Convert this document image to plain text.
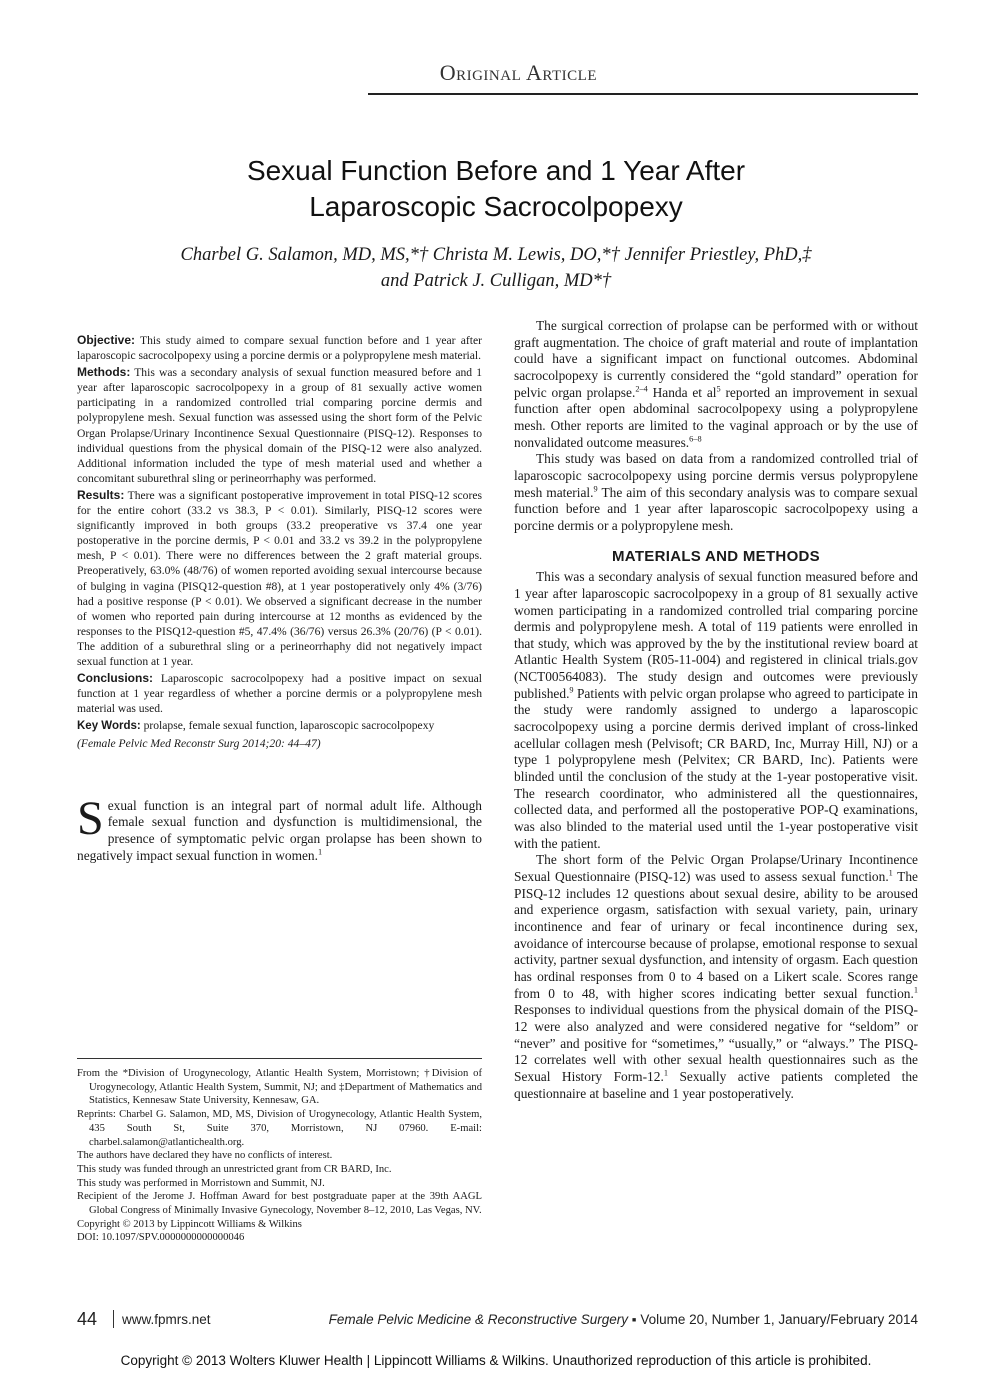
Original Article
Sexual Function Before and 1 Year After
Laparoscopic Sacrocolpopexy
Charbel G. Salamon, MD, MS,*† Christa M. Lewis, DO,*† Jennifer Priestley, PhD,‡
and Patrick J. Culligan, MD*†

Objective: This study aimed to compare sexual function before and 1 year after laparoscopic sacrocolpopexy using a porcine dermis or a polypropylene mesh material.

Methods: This was a secondary analysis of sexual function measured before and 1 year after laparoscopic sacrocolpopexy in a group of 81 sexually active women participating in a randomized controlled trial comparing porcine dermis and polypropylene mesh. Sexual function was assessed using the short form of the Pelvic Organ Prolapse/Urinary Incontinence Sexual Questionnaire (PISQ-12). Responses to individual questions from the physical domain of the PISQ-12 were also analyzed. Additional information included the type of mesh material used and whether a concomitant suburethral sling or perineorrhaphy was performed.

Results: There was a significant postoperative improvement in total PISQ-12 scores for the entire cohort (33.2 vs 38.3, P < 0.01). Similarly, PISQ-12 scores were significantly improved in both groups (33.2 preoperative vs 37.4 one year postoperative in the porcine dermis, P < 0.01 and 33.2 vs 39.2 in the polypropylene mesh, P < 0.01). There were no differences between the 2 graft material groups. Preoperatively, 63.0% (48/76) of women reported avoiding sexual intercourse because of bulging in vagina (PISQ12-question #8), at 1 year postoperatively only 4% (3/76) had a positive response (P < 0.01). We observed a significant decrease in the number of women who reported pain during intercourse at 12 months as evidenced by the responses to the PISQ12-question #5, 47.4% (36/76) versus 26.3% (20/76) (P < 0.01). The addition of a suburethral sling or a perineorrhaphy did not negatively impact sexual function at 1 year.

Conclusions: Laparoscopic sacrocolpopexy had a positive impact on sexual function at 1 year regardless of whether a porcine dermis or a polypropylene mesh material was used.

Key Words: prolapse, female sexual function, laparoscopic sacrocolpopexy

(Female Pelvic Med Reconstr Surg 2014;20: 44–47)

Sexual function is an integral part of normal adult life. Although female sexual function and dysfunction is multidimensional, the presence of symptomatic pelvic organ prolapse has been shown to negatively impact sexual function in women.$^1$

From the *Division of Urogynecology, Atlantic Health System, Morristown; †Division of Urogynecology, Atlantic Health System, Summit, NJ; and ‡Department of Mathematics and Statistics, Kennesaw State University, Kennesaw, GA.

Reprints: Charbel G. Salamon, MD, MS, Division of Urogynecology, Atlantic Health System, 435 South St, Suite 370, Morristown, NJ 07960. E-mail: charbel.salamon@atlantichealth.org.

The authors have declared they have no conflicts of interest.

This study was funded through an unrestricted grant from CR BARD, Inc.

This study was performed in Morristown and Summit, NJ.

Recipient of the Jerome J. Hoffman Award for best postgraduate paper at the 39th AAGL Global Congress of Minimally Invasive Gynecology, November 8–12, 2010, Las Vegas, NV.

Copyright © 2013 by Lippincott Williams & Wilkins

DOI: 10.1097/SPV.0000000000000046

The surgical correction of prolapse can be performed with or without graft augmentation. The choice of graft material and route of implantation could have a significant impact on functional outcomes. Abdominal sacrocolpopexy is currently considered the “gold standard” operation for pelvic organ prolapse.$^{2-4}$ Handa et $al^5$ reported an improvement in sexual function after open abdominal sacrocolpopexy using a polypropylene mesh. Other reports are limited to the vaginal approach or by the use of nonvalidated outcome measures.$^{6-8}$

This study was based on data from a randomized controlled trial of laparoscopic sacrocolpopexy using porcine dermis versus polypropylene mesh material.$^9$ The aim of this secondary analysis was to compare sexual function before and 1 year after laparoscopic sacrocolpopexy using a porcine dermis or a polypropylene mesh.

MATERIALS AND METHODS

This was a secondary analysis of sexual function measured before and 1 year after laparoscopic sacrocolpopexy in a group of 81 sexually active women participating in a randomized controlled trial comparing porcine dermis and polypropylene mesh. A total of 119 patients were enrolled in that study, which was approved by the by the institutional review board at Atlantic Health System (R05-11-004) and registered in clinical trials.gov (NCT00564083). The study design and outcomes were previously published.$^9$ Patients with pelvic organ prolapse who agreed to participate in the study were randomly assigned to undergo a laparoscopic sacrocolpopexy using a porcine dermis derived implant of cross-linked acellular collagen mesh (Pelvisoft; CR BARD, Inc, Murray Hill, NJ) or a type 1 polypropylene mesh (Pelvitex; CR BARD, Inc). Patients were blinded until the conclusion of the study at the 1-year postoperative visit. The research coordinator, who administered all the questionnaires, collected data, and performed all the postoperative POP-Q examinations, was also blinded to the material used until the 1-year postoperative visit with the patient.

The short form of the Pelvic Organ Prolapse/Urinary Incontinence Sexual Questionnaire (PISQ-12) was used to assess sexual function.$^1$ The PISQ-12 includes 12 questions about sexual desire, ability to be aroused and experience orgasm, satisfaction with sexual variety, pain, urinary incontinence and fear of urinary or fecal incontinence during sex, avoidance of intercourse because of prolapse, emotional response to sexual activity, partner sexual dysfunction, and intensity of orgasm. Each question has ordinal responses from 0 to 4 based on a Likert scale. Scores range from 0 to 48, with higher scores indicating better sexual function.$^1$ Responses to individual questions from the physical domain of the PISQ-12 were also analyzed and were considered negative for “seldom” or “never” and positive for “sometimes,” “usually,” or “always.” The PISQ-12 correlates well with other sexual health questionnaires such as the Sexual History Form-12.$^1$ Sexually active patients completed the questionnaire at baseline and 1 year postoperatively.

44 www.fpmrs.net	Female Pelvic Medicine & Reconstructive Surgery ▪ Volume 20, Number 1, January/February 2014
Copyright © 2013 Wolters Kluwer Health | Lippincott Williams & Wilkins. Unauthorized reproduction of this article is prohibited.
